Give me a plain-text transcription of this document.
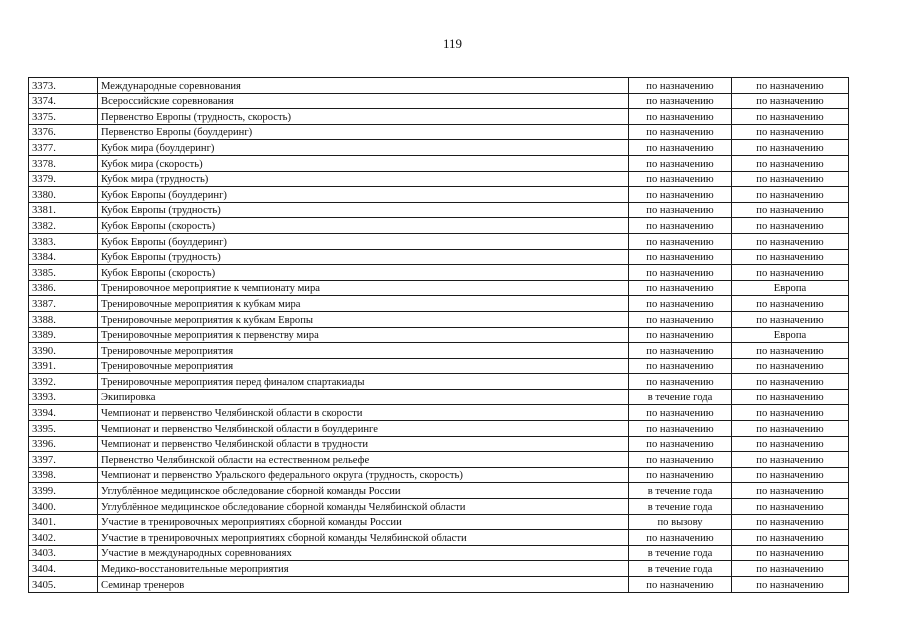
119
3373.	Международные соревнования	по назначению	по назначению
3374.	Всероссийские соревнования	по назначению	по назначению
3375.	Первенство Европы (трудность, скорость)	по назначению	по назначению
3376.	Первенство Европы (боулдеринг)	по назначению	по назначению
3377.	Кубок мира (боулдеринг)	по назначению	по назначению
3378.	Кубок мира (скорость)	по назначению	по назначению
3379.	Кубок мира (трудность)	по назначению	по назначению
3380.	Кубок Европы (боулдеринг)	по назначению	по назначению
3381.	Кубок Европы (трудность)	по назначению	по назначению
3382.	Кубок Европы (скорость)	по назначению	по назначению
3383.	Кубок Европы (боулдеринг)	по назначению	по назначению
3384.	Кубок Европы (трудность)	по назначению	по назначению
3385.	Кубок Европы (скорость)	по назначению	по назначению
3386.	Тренировочное мероприятие к чемпионату мира	по назначению	Европа
3387.	Тренировочные мероприятия к кубкам мира	по назначению	по назначению
3388.	Тренировочные мероприятия к кубкам Европы	по назначению	по назначению
3389.	Тренировочные мероприятия к первенству мира	по назначению	Европа
3390.	Тренировочные мероприятия	по назначению	по назначению
3391.	Тренировочные мероприятия	по назначению	по назначению
3392.	Тренировочные мероприятия перед финалом спартакиады	по назначению	по назначению
3393.	Экипировка	в течение года	по назначению
3394.	Чемпионат и первенство Челябинской области в скорости	по назначению	по назначению
3395.	Чемпионат и первенство Челябинской области в боулдеринге	по назначению	по назначению
3396.	Чемпионат и первенство Челябинской области в трудности	по назначению	по назначению
3397.	Первенство Челябинской области на естественном рельефе	по назначению	по назначению
3398.	Чемпионат и первенство Уральского федерального округа (трудность, скорость)	по назначению	по назначению
3399.	Углублённое медицинское обследование сборной команды России	в течение года	по назначению
3400.	Углублённое медицинское обследование сборной команды Челябинской области	в течение года	по назначению
3401.	Участие в тренировочных мероприятиях сборной команды России	по вызову	по назначению
3402.	Участие в тренировочных мероприятиях сборной команды Челябинской области	по назначению	по назначению
3403.	Участие в международных соревнованиях	в течение года	по назначению
3404.	Медико-восстановительные мероприятия	в течение года	по назначению
3405.	Семинар тренеров	по назначению	по назначению
